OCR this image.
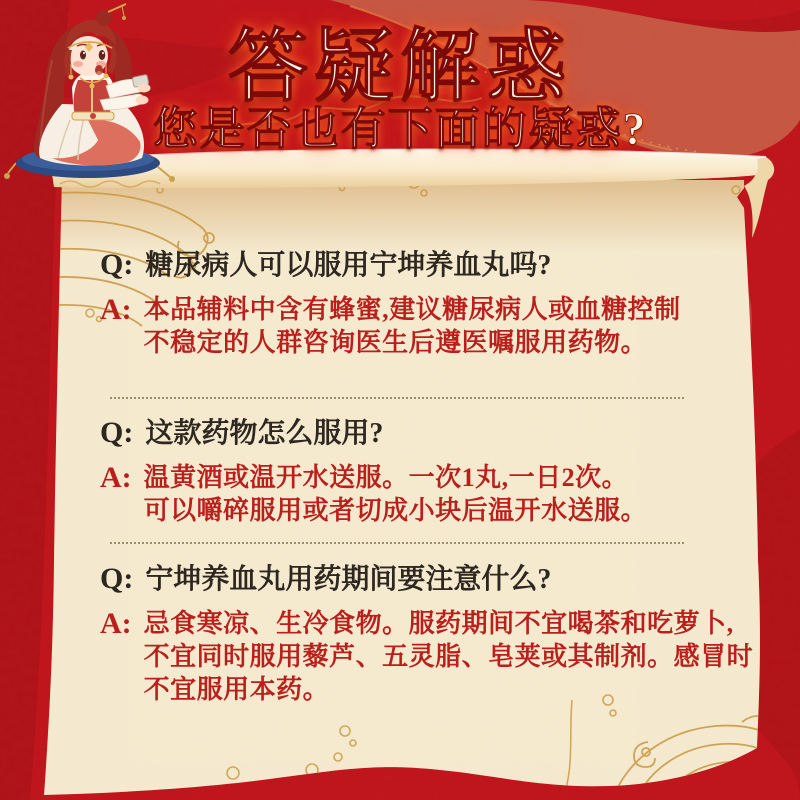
答疑解惑
您是否也有下面的疑惑?
Q: 糖尿病人可以服用宁坤养血丸吗?
A: 本品辅料中含有蜂蜜,建议糖尿病人或血糖控制
不稳定的人群咨询医生后遵医嘱服用药物。
Q: 这款药物怎么服用?
A: 温黄酒或温开水送服。一次1丸,一日2次。
可以嚼碎服用或者切成小块后温开水送服。
Q: 宁坤养血丸用药期间要注意什么?
A: 忌食寒凉、生冷食物。服药期间不宜喝茶和吃萝卜,
不宜同时服用藜芦、五灵脂、皂荚或其制剂。感冒时
不宜服用本药。
